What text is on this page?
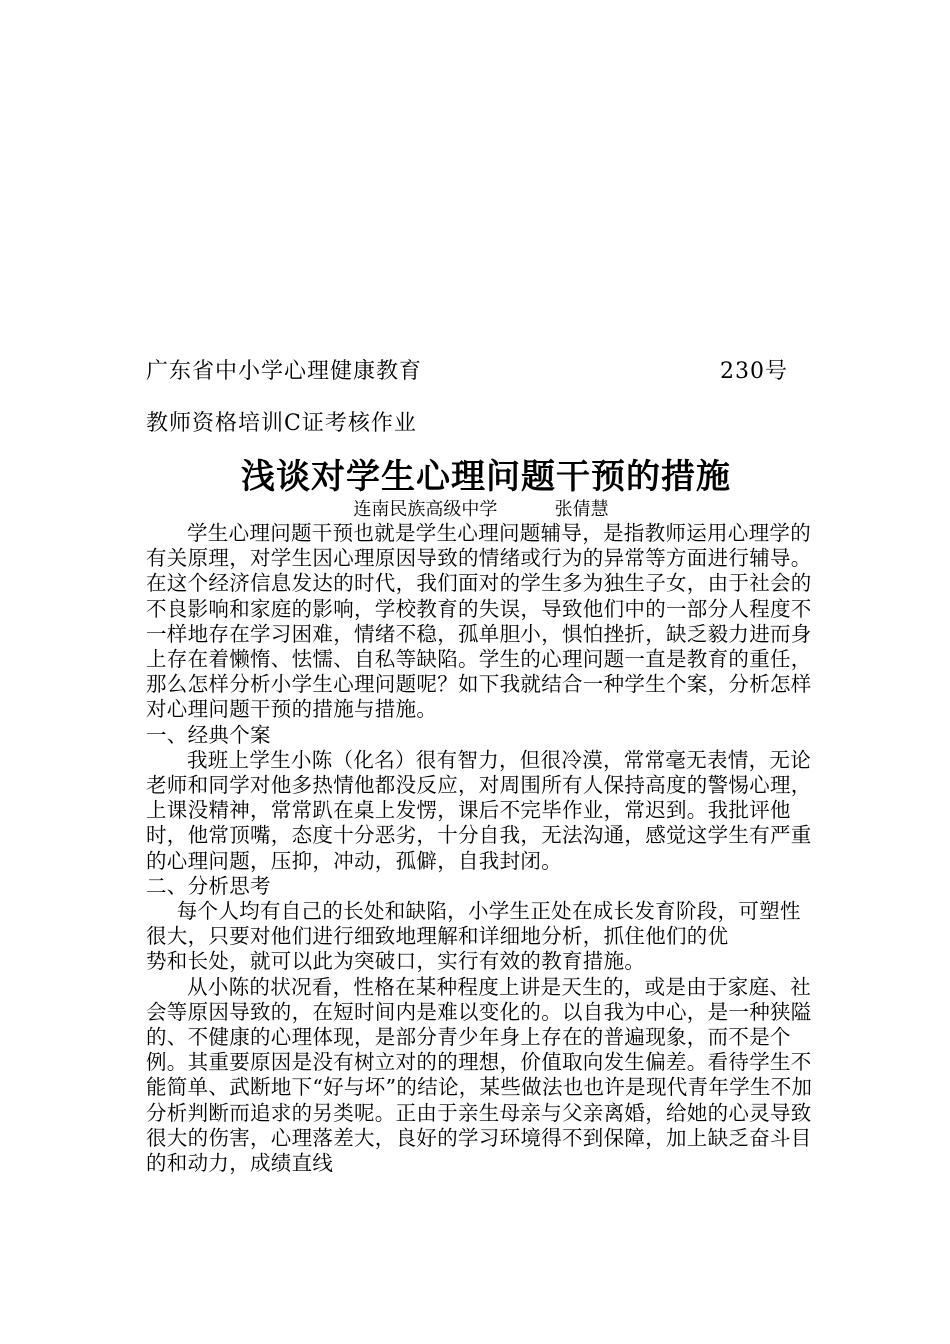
广东省中小学心理健康教育	230号
教师资格培训C证考核作业
浅谈对学生心理问题干预的措施
连南民族高级中学          张倩慧

学生心理问题干预也就是学生心理问题辅导，是指教师运用心理学的有关原理，对学生因心理原因导致的情绪或行为的异常等方面进行辅导。在这个经济信息发达的时代，我们面对的学生多为独生子女，由于社会的不良影响和家庭的影响，学校教育的失误，导致他们中的一部分人程度不一样地存在学习困难，情绪不稳，孤单胆小，惧怕挫折，缺乏毅力进而身上存在着懒惰、怯懦、自私等缺陷。学生的心理问题一直是教育的重任，那么怎样分析小学生心理问题呢？如下我就结合一种学生个案，分析怎样对心理问题干预的措施与措施。

一、经典个案

我班上学生小陈（化名）很有智力，但很冷漠，常常毫无表情，无论老师和同学对他多热情他都没反应，对周围所有人保持高度的警惕心理，上课没精神，常常趴在桌上发愣，课后不完毕作业，常迟到。我批评他时，他常顶嘴，态度十分恶劣，十分自我，无法沟通，感觉这学生有严重的心理问题，压抑，冲动，孤僻，自我封闭。

二、分析思考

每个人均有自己的长处和缺陷，小学生正处在成长发育阶段，可塑性很大，只要对他们进行细致地理解和详细地分析，抓住他们的优

势和长处，就可以此为突破口，实行有效的教育措施。

从小陈的状况看，性格在某种程度上讲是天生的，或是由于家庭、社会等原因导致的，在短时间内是难以变化的。以自我为中心，是一种狭隘的、不健康的心理体现，是部分青少年身上存在的普遍现象，而不是个例。其重要原因是没有树立对的的理想，价值取向发生偏差。看待学生不能简单、武断地下“好与坏”的结论，某些做法也也许是现代青年学生不加分析判断而追求的另类呢。正由于亲生母亲与父亲离婚，给她的心灵导致很大的伤害，心理落差大，良好的学习环境得不到保障，加上缺乏奋斗目的和动力，成绩直线
